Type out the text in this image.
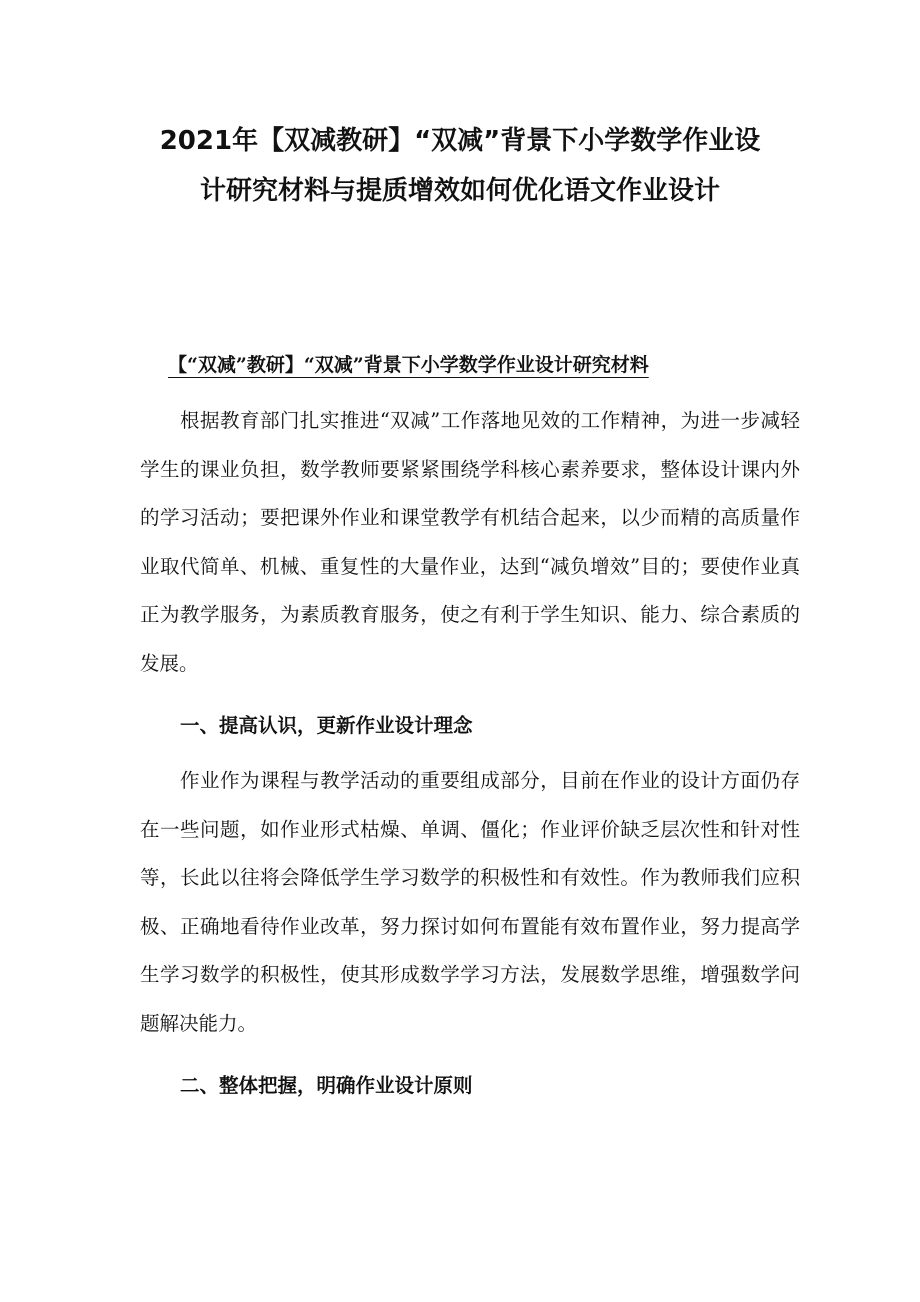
2021年【双减教研】“双减”背景下小学数学作业设
计研究材料与提质增效如何优化语文作业设计
【“双减”教研】“双减”背景下小学数学作业设计研究材料

根据教育部门扎实推进“双减”工作落地见效的工作精神，为进一步减轻学生的课业负担，数学教师要紧紧围绕学科核心素养要求，整体设计课内外的学习活动；要把课外作业和课堂教学有机结合起来，以少而精的高质量作业取代简单、机械、重复性的大量作业，达到“减负增效”目的；要使作业真正为教学服务，为素质教育服务，使之有利于学生知识、能力、综合素质的发展。

一、提高认识，更新作业设计理念

作业作为课程与教学活动的重要组成部分，目前在作业的设计方面仍存在一些问题，如作业形式枯燥、单调、僵化；作业评价缺乏层次性和针对性等，长此以往将会降低学生学习数学的积极性和有效性。作为教师我们应积极、正确地看待作业改革，努力探讨如何布置能有效布置作业，努力提高学生学习数学的积极性，使其形成数学学习方法，发展数学思维，增强数学问题解决能力。

二、整体把握，明确作业设计原则
